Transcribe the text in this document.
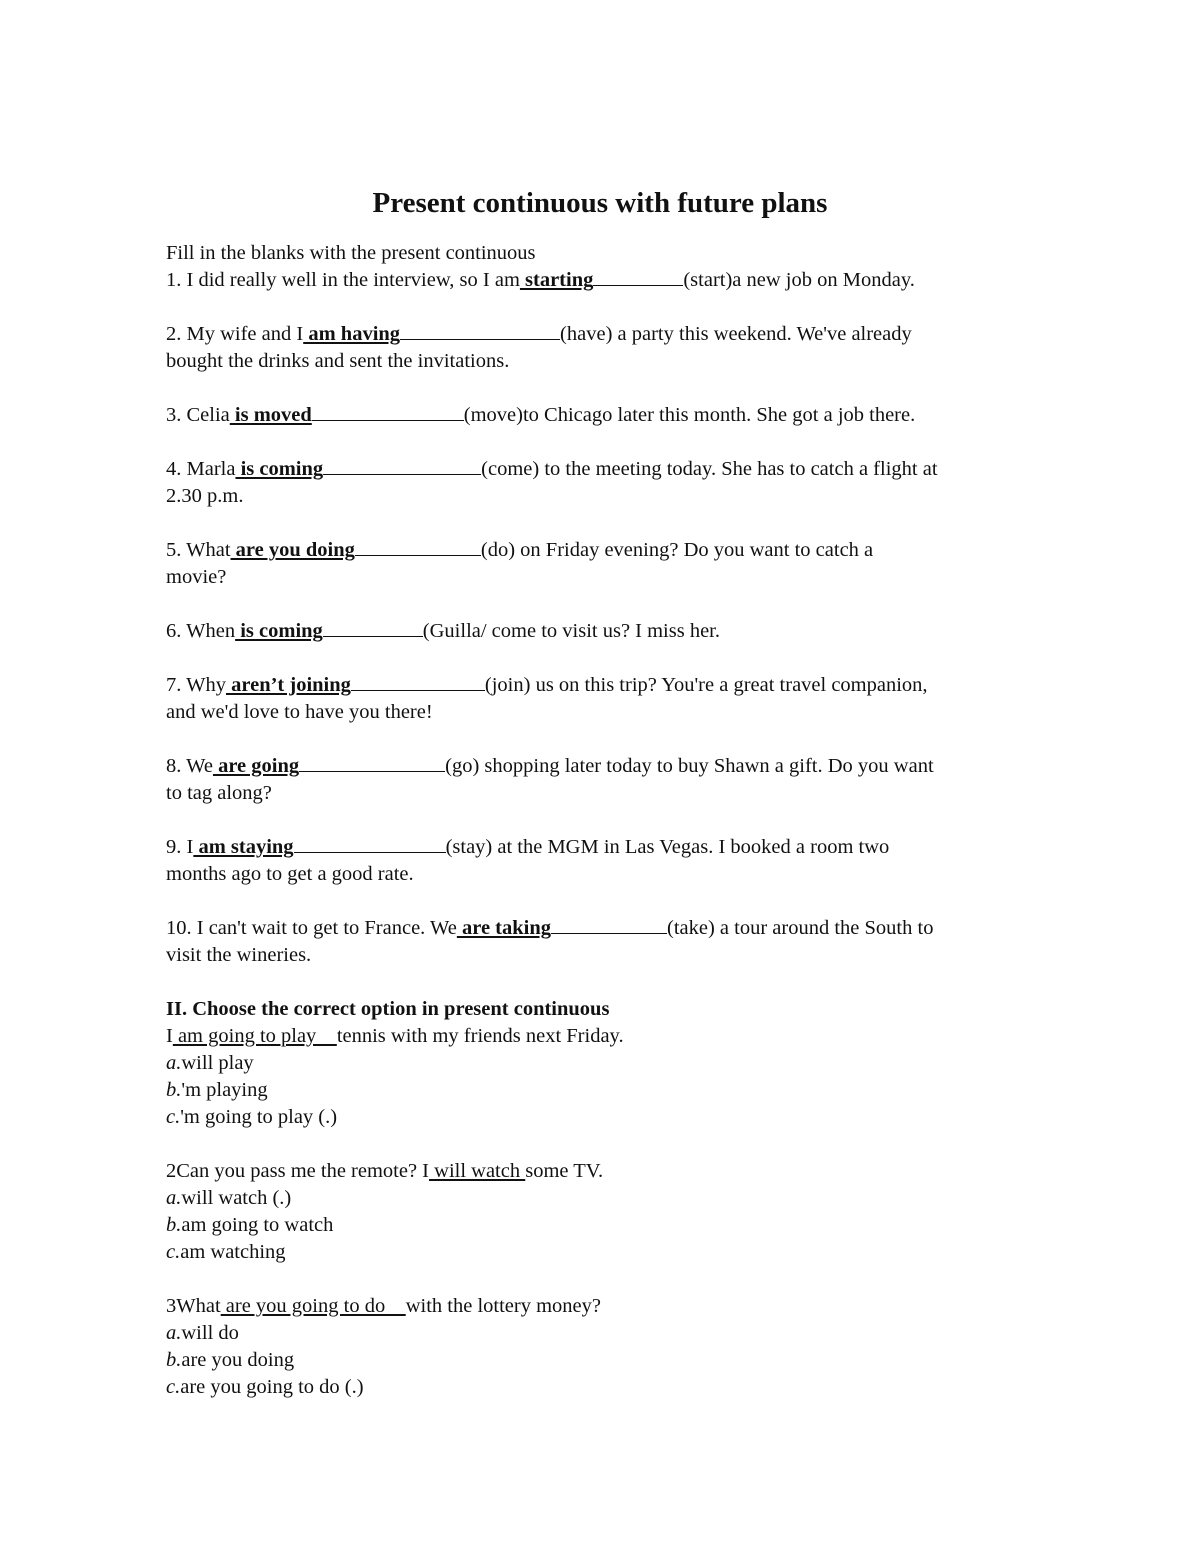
Present continuous with future plans
Fill in the blanks with the present continuous
1. I did really well in the interview, so I am starting	(start)a new job on Monday.
2. My wife and I am having	(have) a party this weekend. We've already
bought the drinks and sent the invitations.
3. Celia is moved	(move)to Chicago later this month. She got a job there.
4. Marla is coming	(come) to the meeting today. She has to catch a flight at
2.30 p.m.
5. What are you doing	(do) on Friday evening? Do you want to catch a
movie?
6. When is coming	(Guilla/ come to visit us? I miss her.
7. Why aren’t joining	(join) us on this trip? You're a great travel companion,
and we'd love to have you there!
8. We are going	(go) shopping later today to buy Shawn a gift. Do you want
to tag along?
9. I am staying	(stay) at the MGM in Las Vegas. I booked a room two
months ago to get a good rate.
10. I can't wait to get to France. We are taking	(take) a tour around the South to
visit the wineries.
II. Choose the correct option in present continuous
I am going to play    tennis with my friends next Friday.
a.will play
b.'m playing
c.'m going to play (.)
2Can you pass me the remote? I will watch some TV.
a.will watch (.)
b.am going to watch
c.am watching
3What are you going to do    with the lottery money?
a.will do
b.are you doing
c.are you going to do (.)
